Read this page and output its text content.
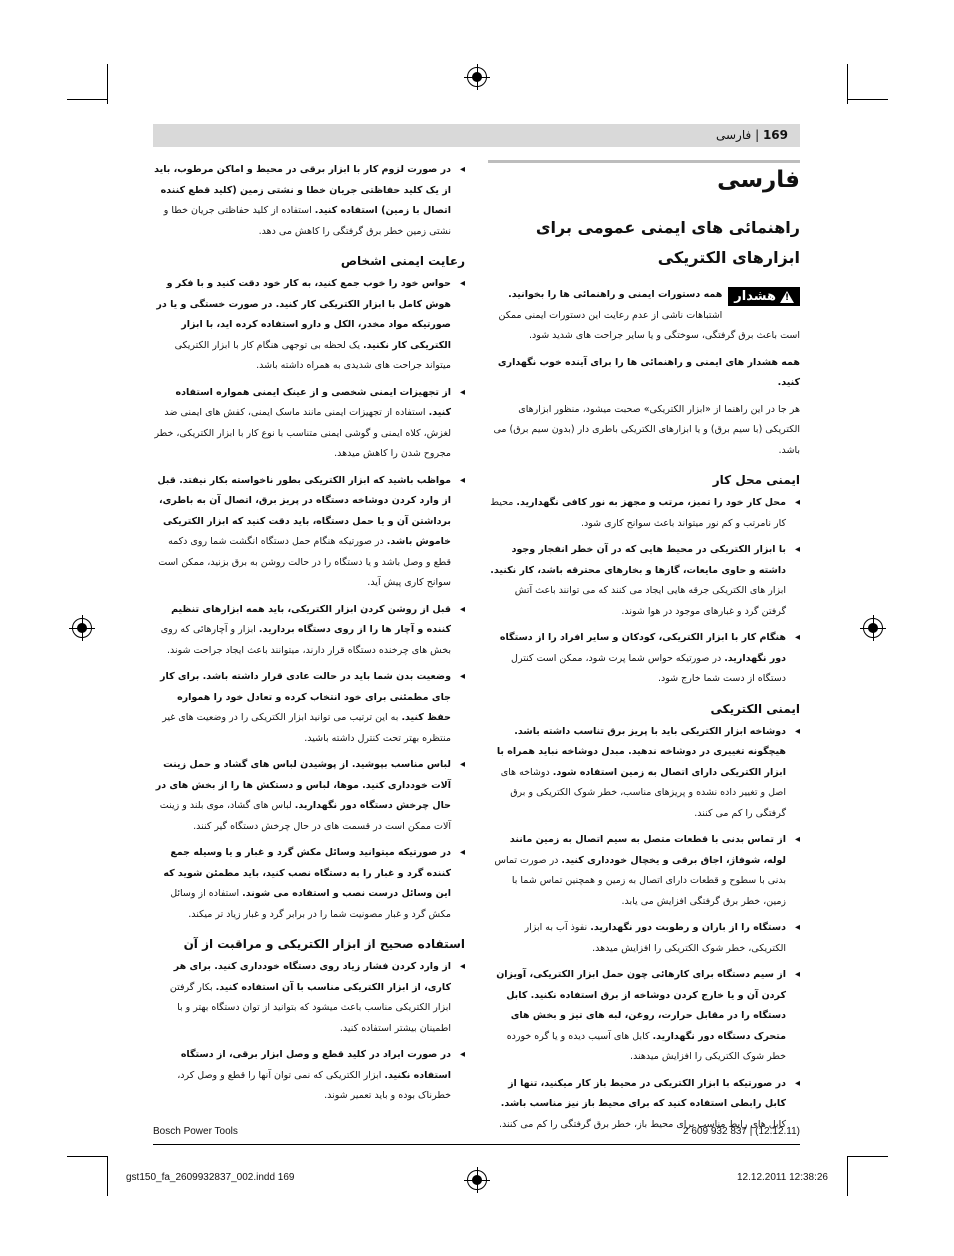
169 | فارسی
فارسی
راهنمائی های ایمنی عمومی برای ابزارهای الکتریکی
!
هشدار

همه دستورات ایمنی و راهنمائی ها را بخوانید. اشتباهات ناشی از عدم رعایت این دستورات ایمنی ممکن است باعث برق گرفتگی، سوختگی و یا سایر جراحت های شدید شود.

همه هشدار های ایمنی و راهنمائی ها را برای آینده خوب نگهداری کنید.

هر جا در این راهنما از «ابزار الکتریکی» صحبت میشود، منظور ابزارهای الکتریکی (با سیم برق) و یا ابزارهای الکتریکی باطری دار (بدون سیم برق) می باشد.

ایمنی محل کار
◂ محل کار خود را تمیز، مرتب و مجهز به نور کافی نگهدارید. محیط کار نامرتب و کم نور میتواند باعث سوانح کاری شود.
◂ با ابزار الکتریکی در محیط هایی که در آن خطر انفجار وجود داشته و حاوی مایعات، گازها و بخارهای محترقه باشد، کار نکنید. ابزار های الکتریکی جرقه هایی ایجاد می کنند که می توانند باعث آتش گرفتن گرد و غبارهای موجود در هوا شوند.
◂ هنگام کار با ابزار الکتریکی، کودکان و سایر افراد را از دستگاه دور نگهدارید. در صورتیکه حواس شما پرت شود، ممکن است کنترل دستگاه از دست شما خارج شود.
ایمنی الکتریکی
◂ دوشاخه ابزار الکتریکی باید با پریز برق تناسب داشته باشد. هیچگونه تغییری در دوشاخه ندهید. مبدل دوشاخه نباید همراه با ابزار الکتریکی دارای اتصال به زمین استفاده شود. دوشاخه های اصل و تغییر داده نشده و پریزهای مناسب، خطر شوک الکتریکی و برق گرفتگی را کم می کنند.
◂ از تماس بدنی با قطعات متصل به سیم اتصال به زمین مانند لوله، شوفاژ، اجاق برقی و یخچال خودداری کنید. در صورت تماس بدنی با سطوح و قطعات دارای اتصال به زمین و همچنین تماس شما با زمین، خطر برق گرفتگی افزایش می یابد.
◂ دستگاه را از باران و رطوبت دور نگهدارید. نفوذ آب به ابزار الکتریکی، خطر شوک الکتریکی را افزایش میدهد.
◂ از سیم دستگاه برای کارهائی چون حمل ابزار الکتریکی، آویزان کردن آن و یا خارج کردن دوشاخه از برق استفاده نکنید. کابل دستگاه را در مقابل حرارت، روغن، لبه های تیز و بخش های متحرک دستگاه دور نگهدارید. کابل های آسیب دیده و یا گره خورده خطر شوک الکتریکی را افزایش میدهند.
◂ در صورتیکه با ابزار الکتریکی در محیط باز کار میکنید، تنها از کابل رابطی استفاده کنید که برای محیط باز نیز مناسب باشد. کابل های رابط مناسب برای محیط باز، خطر برق گرفتگی را کم می کنند.
◂ در صورت لزوم کار با ابزار برقی در محیط و اماکن مرطوب، باید از یک کلید حفاظتی جریان خطا و نشتی زمین (کلید قطع کننده اتصال با زمین) استفاده کنید. استفاده از کلید حفاظتی جریان خطا و نشتی زمین خطر برق گرفتگی را کاهش می دهد.
رعایت ایمنی اشخاص
◂ حواس خود را خوب جمع کنید، به کار خود دقت کنید و با فکر و هوش کامل با ابزار الکتریکی کار کنید. در صورت خستگی و یا در صورتیکه مواد مخدر، الکل و دارو استفاده کرده اید، با ابزار الکتریکی کار نکنید. یک لحظه بی توجهی هنگام کار با ابزار الکتریکی میتواند جراحت های شدیدی به همراه داشته باشد.
◂ از تجهیزات ایمنی شخصی و از عینک ایمنی همواره استفاده کنید. استفاده از تجهیزات ایمنی مانند ماسک ایمنی، کفش های ایمنی ضد لغزش، کلاه ایمنی و گوشی ایمنی متناسب با نوع کار با ابزار الکتریکی، خطر مجروح شدن را کاهش میدهد.
◂ مواظب باشید که ابزار الکتریکی بطور ناخواسته بکار نیفتد. قبل از وارد کردن دوشاخه دستگاه در پریز برق، اتصال آن به باطری، برداشتن آن و یا حمل دستگاه، باید دقت کنید که ابزار الکتریکی خاموش باشد. در صورتیکه هنگام حمل دستگاه انگشت شما روی دکمه قطع و وصل باشد و یا دستگاه را در حالت روشن به برق بزنید، ممکن است سوانح کاری پیش آید.
◂ قبل از روشن کردن ابزار الکتریکی، باید همه ابزارهای تنظیم کننده و آچار ها را از روی دستگاه بردارید. ابزار و آچارهائی که روی بخش های چرخنده دستگاه قرار دارند، میتوانند باعث ایجاد جراحت شوند.
◂ وضعیت بدن شما باید در حالت عادی قرار داشته باشد. برای کار جای مطمئنی برای خود انتخاب کرده و تعادل خود را همواره حفظ کنید. به این ترتیب می توانید ابزار الکتریکی را در وضعیت های غیر منتظره بهتر تحت کنترل داشته باشید.
◂ لباس مناسب بپوشید. از پوشیدن لباس های گشاد و حمل زینت آلات خودداری کنید. موها، لباس و دستکش ها را از بخش های در حال چرخش دستگاه دور نگهدارید. لباس های گشاد، موی بلند و زینت آلات ممکن است در قسمت های در حال چرخش دستگاه گیر کنند.
◂ در صورتیکه میتوانید وسائل مکش گرد و غبار و یا وسیله جمع کننده گرد و غبار را به دستگاه نصب کنید، باید مطمئن شوید که این وسائل درست نصب و استفاده می شوند. استفاده از وسائل مکش گرد و غبار مصونیت شما را در برابر گرد و غبار زیاد تر میکند.
استفاده صحیح از ابزار الکتریکی و مراقبت از آن
◂ از وارد کردن فشار زیاد روی دستگاه خودداری کنید. برای هر کاری، از ابزار الکتریکی مناسب با آن استفاده کنید. بکار گرفتن ابزار الکتریکی مناسب باعث میشود که بتوانید از توان دستگاه بهتر و با اطمینان بیشتر استفاده کنید.
◂ در صورت ایراد در کلید قطع و وصل ابزار برقی، از دستگاه استفاده نکنید. ابزار الکتریکی که نمی توان آنها را قطع و وصل کرد، خطرناک بوده و باید تعمیر شوند.
Bosch Power Tools	2 609 932 837 | (12.12.11)
gst150_fa_2609932837_002.indd 169	12.12.2011 12:38:26
